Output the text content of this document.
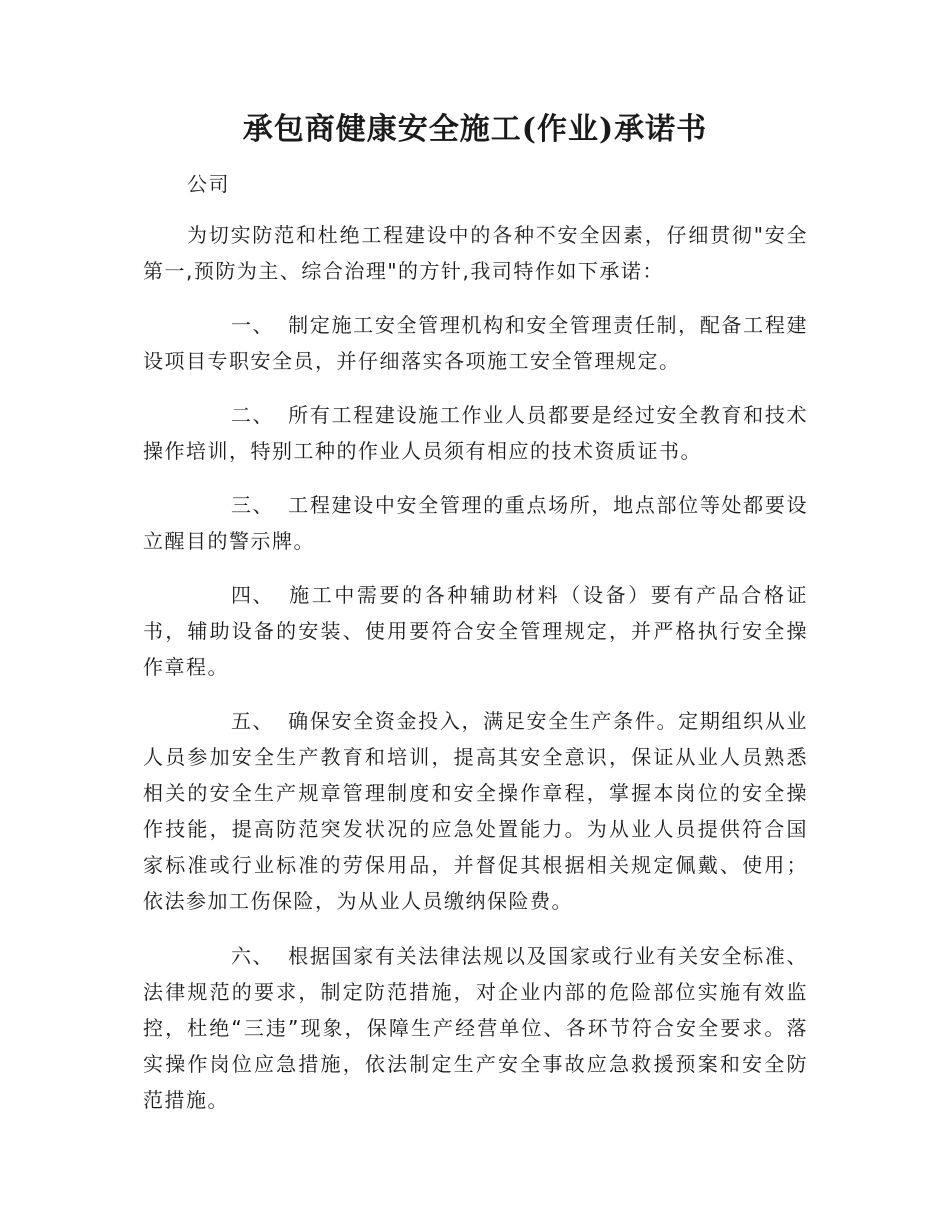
承包商健康安全施工(作业)承诺书

公司

为切实防范和杜绝工程建设中的各种不安全因素，仔细贯彻"安全第一,预防为主、综合治理"的方针,我司特作如下承诺：

一、 制定施工安全管理机构和安全管理责任制，配备工程建设项目专职安全员，并仔细落实各项施工安全管理规定。

二、 所有工程建设施工作业人员都要是经过安全教育和技术操作培训，特别工种的作业人员须有相应的技术资质证书。

三、 工程建设中安全管理的重点场所，地点部位等处都要设立醒目的警示牌。

四、 施工中需要的各种辅助材料（设备）要有产品合格证书，辅助设备的安装、使用要符合安全管理规定，并严格执行安全操作章程。

五、 确保安全资金投入，满足安全生产条件。定期组织从业人员参加安全生产教育和培训，提高其安全意识，保证从业人员熟悉相关的安全生产规章管理制度和安全操作章程，掌握本岗位的安全操作技能，提高防范突发状况的应急处置能力。为从业人员提供符合国家标准或行业标准的劳保用品，并督促其根据相关规定佩戴、使用；依法参加工伤保险，为从业人员缴纳保险费。

六、 根据国家有关法律法规以及国家或行业有关安全标准、法律规范的要求，制定防范措施，对企业内部的危险部位实施有效监控，杜绝“三违”现象，保障生产经营单位、各环节符合安全要求。落实操作岗位应急措施，依法制定生产安全事故应急救援预案和安全防范措施。
